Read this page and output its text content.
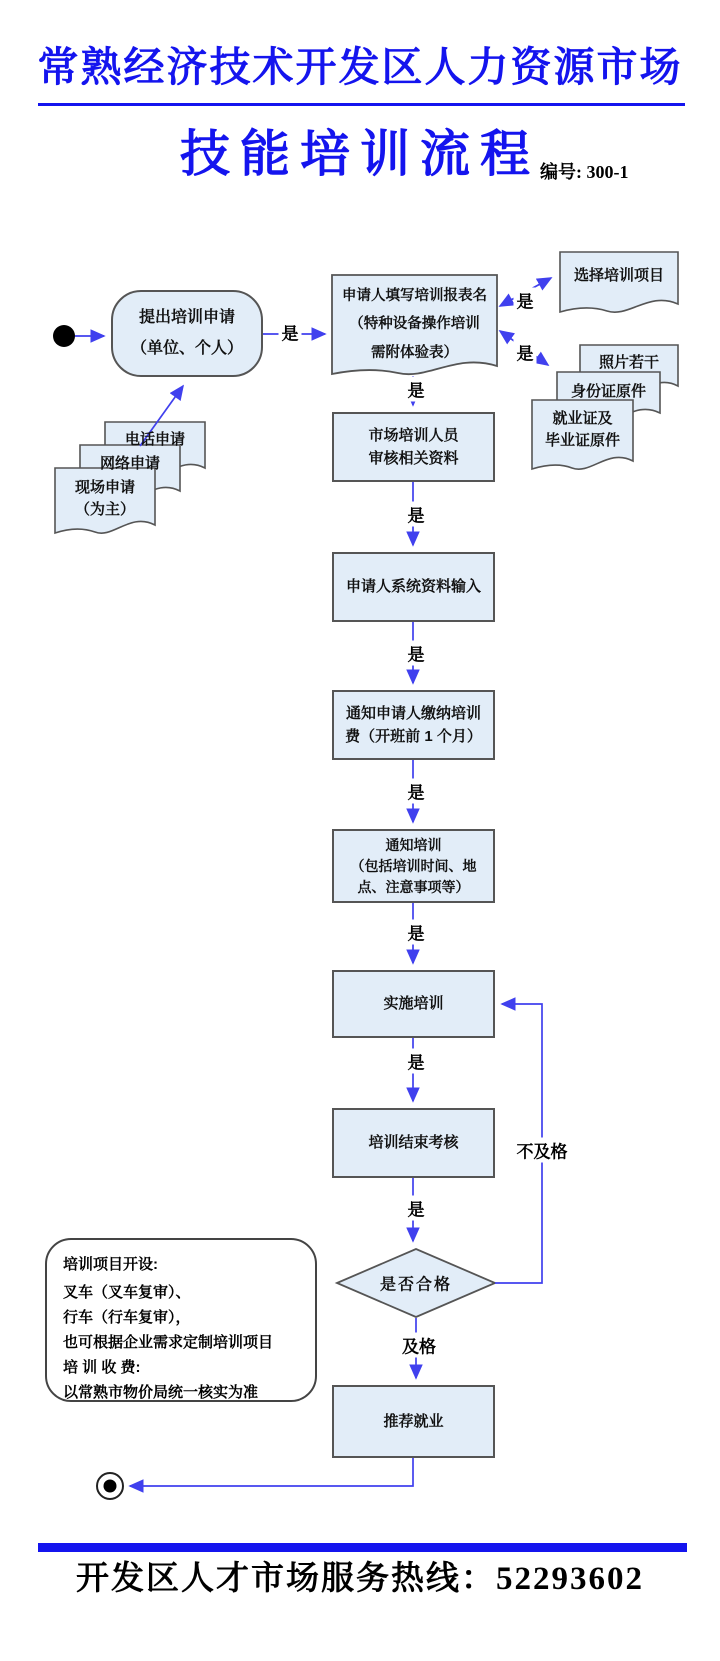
常熟经济技术开发区人力资源市场
技能培训流程 编号: 300-1
提出培训申请
（单位、个人）
市场培训人员
审核相关资料
申请人系统资料输入
通知申请人缴纳培训
费（开班前 1 个月）
通知培训
（包括培训时间、地
点、注意事项等）
实施培训
培训结束考核
推荐就业
是否合格
电话申请
网络申请
现场申请
（为主）
申请人填写培训报表名
（特种设备操作培训
需附体验表）
选择培训项目
照片若干
身份证原件
就业证及
毕业证原件
是
是
是
是
是
是
是
是
是
是
及格
不及格
培训项目开设:
叉车（叉车复审）、
行车（行车复审），
也可根据企业需求定制培训项目
培 训 收 费:
以常熟市物价局统一核实为准
开发区人才市场服务热线：52293602
